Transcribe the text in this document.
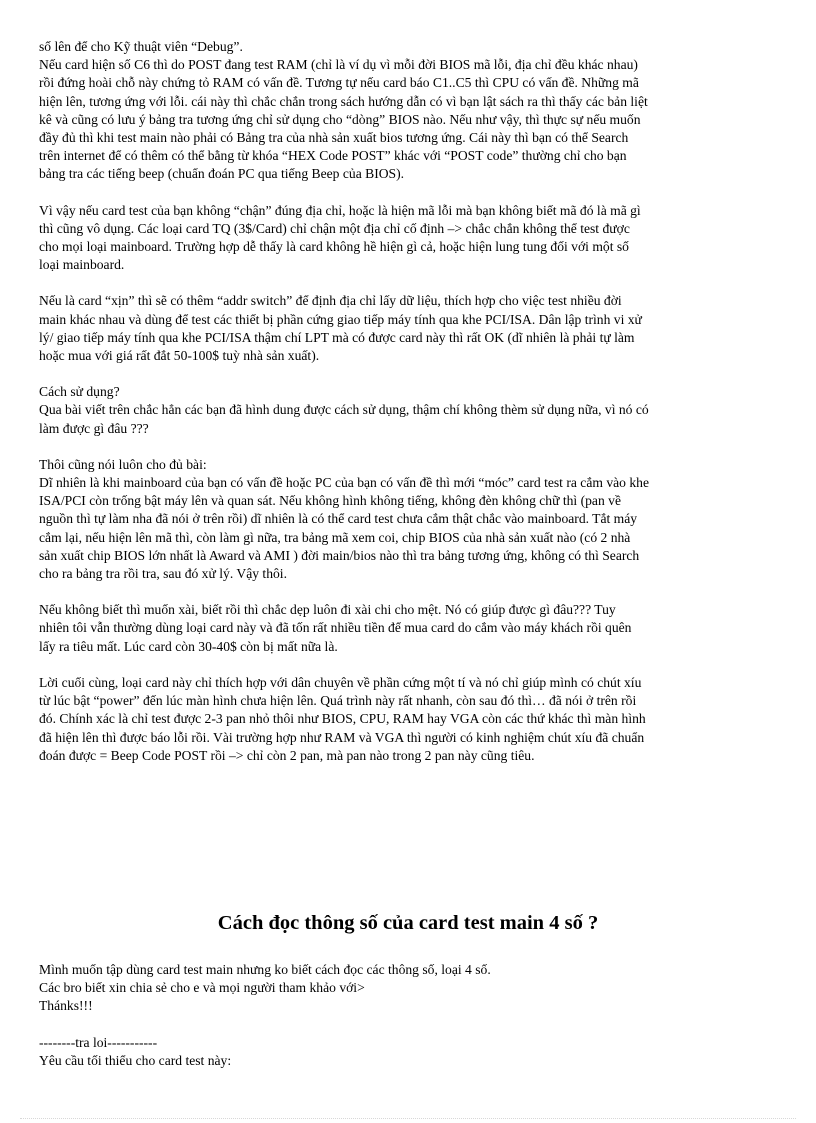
số lên để cho Kỹ thuật viên “Debug”.
Nếu card hiện số C6 thì do POST đang test RAM (chỉ là ví dụ vì mỗi đời BIOS mã lỗi, địa chỉ đều khác nhau)
rồi đứng hoài chỗ này chứng tỏ RAM có vấn đề. Tương tự nếu card báo C1..C5 thì CPU có vấn đề. Những mã
hiện lên, tương ứng với lỗi. cái này thì chắc chắn trong sách hướng dẫn có vì bạn lật sách ra thì thấy các bản liệt
kê và cũng có lưu ý bảng tra tương ứng chỉ sử dụng cho “dòng” BIOS nào. Nếu như vậy, thì thực sự nếu muốn
đầy đủ thì khi test main nào phải có Bảng tra của nhà sản xuất bios tương ứng. Cái này thì bạn có thể Search
trên internet để có thêm có thể bằng từ khóa “HEX Code POST” khác với “POST code” thường chỉ cho bạn
bảng tra các tiếng beep (chuẩn đoán PC qua tiếng Beep của BIOS).

Vì vậy nếu card test của bạn không “chận” đúng địa chỉ, hoặc là hiện mã lỗi mà bạn không biết mã đó là mã gì
thì cũng vô dụng. Các loại card TQ (3$/Card) chỉ chận một địa chỉ cố định –> chắc chắn không thể test được
cho mọi loại mainboard. Trường hợp dễ thấy là card không hề hiện gì cả, hoặc hiện lung tung đối với một số
loại mainboard.

Nếu là card “xịn” thì sẽ có thêm “addr switch” để định địa chỉ lấy dữ liệu, thích hợp cho việc test nhiều đời
main khác nhau và dùng để test các thiết bị phần cứng giao tiếp máy tính qua khe PCI/ISA. Dân lập trình vi xử
lý/ giao tiếp máy tính qua khe PCI/ISA thậm chí LPT mà có được card này thì rất OK (dĩ nhiên là phải tự làm
hoặc mua với giá rất đắt 50-100$ tuỳ nhà sản xuất).

Cách sử dụng?
Qua bài viết trên chắc hẳn các bạn đã hình dung được cách sử dụng, thậm chí không thèm sử dụng nữa, vì nó có
làm được gì đâu ???

Thôi cũng nói luôn cho đủ bài:
Dĩ nhiên là khi mainboard của bạn có vấn đề hoặc PC của bạn có vấn đề thì mới “móc” card test ra cắm vào khe
ISA/PCI còn trống bật máy lên và quan sát. Nếu không hình không tiếng, không đèn không chữ thì (pan về
nguồn thì tự làm nha đã nói ở trên rồi) dĩ nhiên là có thể card test chưa cắm thật chắc vào mainboard. Tắt máy
cắm lại, nếu hiện lên mã thì, còn làm gì nữa, tra bảng mã xem coi, chip BIOS của nhà sản xuất nào (có 2 nhà
sản xuất chip BIOS lớn nhất là Award và AMI ) đời main/bios nào thì tra bảng tương ứng, không có thì Search
cho ra bảng tra rồi tra, sau đó xử lý. Vậy thôi.

Nếu không biết thì muốn xài, biết rồi thì chắc dẹp luôn đi xài chi cho mệt. Nó có giúp được gì đâu??? Tuy
nhiên tôi vẫn thường dùng loại card này và đã tốn rất nhiều tiền để mua card do cắm vào máy khách rồi quên
lấy ra tiêu mất. Lúc card còn 30-40$ còn bị mất nữa là.

Lời cuối cùng, loại card này chỉ thích hợp với dân chuyên về phần cứng một tí và nó chỉ giúp mình có chút xíu
từ lúc bật “power” đến lúc màn hình chưa hiện lên. Quá trình này rất nhanh, còn sau đó thì… đã nói ở trên rồi
đó. Chính xác là chỉ test được 2-3 pan nhỏ thôi như BIOS, CPU, RAM hay VGA còn các thứ khác thì màn hình
đã hiện lên thì được báo lỗi rồi. Vài trường hợp như RAM và VGA thì người có kinh nghiệm chút xíu đã chuẩn
đoán được = Beep Code POST rồi –> chỉ còn 2 pan, mà pan nào trong 2 pan này cũng tiêu.

Cách đọc thông số của card test main 4 số ?

Mình muốn tập dùng card test main nhưng ko biết cách đọc các thông số, loại 4 số.
Các bro biết xin chia sẻ cho e và mọi người tham khảo với>
Thánks!!!

--------tra loi-----------
Yêu cầu tối thiểu cho card test này:
